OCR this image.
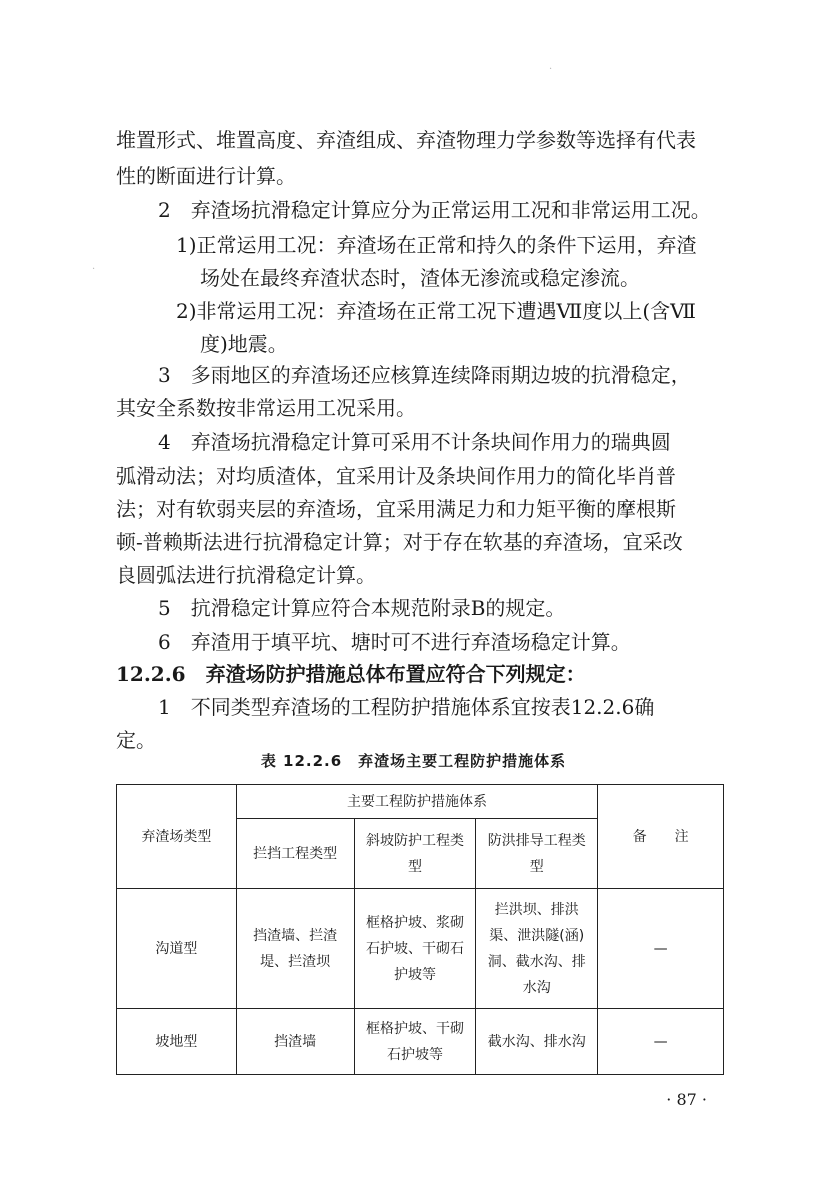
堆置形式、堆置高度、弃渣组成、弃渣物理力学参数等选择有代表
性的断面进行计算。
2　弃渣场抗滑稳定计算应分为正常运用工况和非常运用工况。
1)正常运用工况：弃渣场在正常和持久的条件下运用，弃渣
场处在最终弃渣状态时，渣体无渗流或稳定渗流。
2)非常运用工况：弃渣场在正常工况下遭遇Ⅶ度以上(含Ⅶ
度)地震。
3　多雨地区的弃渣场还应核算连续降雨期边坡的抗滑稳定，
其安全系数按非常运用工况采用。
4　弃渣场抗滑稳定计算可采用不计条块间作用力的瑞典圆
弧滑动法；对均质渣体，宜采用计及条块间作用力的简化毕肖普
法；对有软弱夹层的弃渣场，宜采用满足力和力矩平衡的摩根斯
顿-普赖斯法进行抗滑稳定计算；对于存在软基的弃渣场，宜采改
良圆弧法进行抗滑稳定计算。
5　抗滑稳定计算应符合本规范附录B的规定。
6　弃渣用于填平坑、塘时可不进行弃渣场稳定计算。
12.2.6　弃渣场防护措施总体布置应符合下列规定：
1　不同类型弃渣场的工程防护措施体系宜按表12.2.6确
定。
表 12.2.6　弃渣场主要工程防护措施体系
弃渣场类型	主要工程防护措施体系			备　　注
	拦挡工程类型	斜坡防护工程类型	防洪排导工程类型	
沟道型	挡渣墙、拦渣堤、拦渣坝	框格护坡、浆砌石护坡、干砌石护坡等	拦洪坝、排洪渠、泄洪隧(涵)洞、截水沟、排水沟	—
坡地型	挡渣墙	框格护坡、干砌石护坡等	截水沟、排水沟	—
· 87 ·
·
·
